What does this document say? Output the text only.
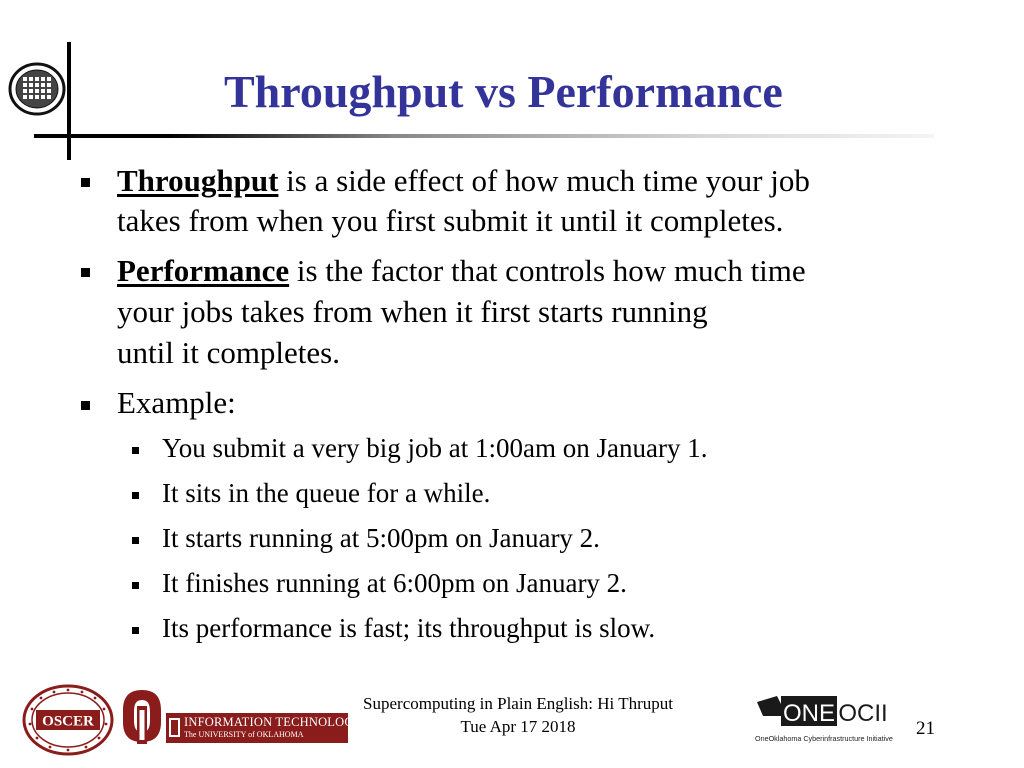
Throughput vs Performance
Throughput is a side effect of how much time your job
takes from when you first submit it until it completes.
Performance is the factor that controls how much time
your jobs takes from when it first starts running
until it completes.
Example:
You submit a very big job at 1:00am on January 1.
It sits in the queue for a while.
It starts running at 5:00pm on January 2.
It finishes running at 6:00pm on January 2.
Its performance is fast; its throughput is slow.
OSCER	INFORMATION TECHNOLOGY
The UNIVERSITY of OKLAHOMA
Supercomputing in Plain English: Hi Thruput
Tue Apr 17 2018	ONE OCII
OneOklahoma Cyberinfrastructure Initiative 21
